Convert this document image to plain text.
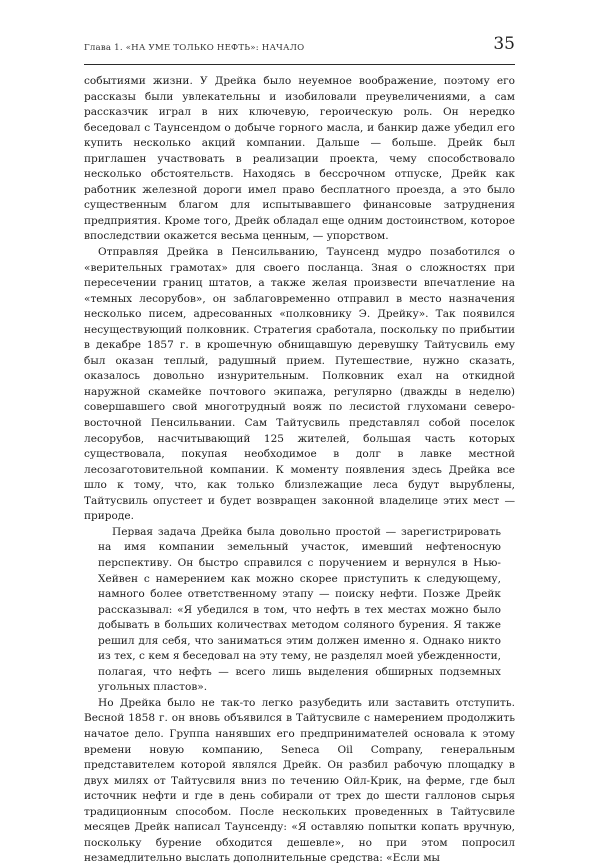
Глава 1. «НА УМЕ ТОЛЬКО НЕФТЬ»: НАЧАЛО	35

событиями жизни. У Дрейка было неуемное воображение, поэтому его рассказы были увлекательны и изобиловали преувеличениями, а сам рассказчик играл в них ключевую, героическую роль. Он нередко беседовал с Таунсендом о добыче горного масла, и банкир даже убедил его купить несколько акций компании. Дальше — больше. Дрейк был приглашен участвовать в реализации проекта, чему способствовало несколько обстоятельств. Находясь в бессрочном отпуске, Дрейк как работник железной дороги имел право бесплатного проезда, а это было существенным благом для испытывавшего финансовые затруднения предприятия. Кроме того, Дрейк обладал еще одним достоинством, которое впоследствии окажется весьма ценным, — упорством.

Отправляя Дрейка в Пенсильванию, Таунсенд мудро позаботился о «верительных грамотах» для своего посланца. Зная о сложностях при пересечении границ штатов, а также желая произвести впечатление на «темных лесорубов», он заблаговременно отправил в место назначения несколько писем, адресованных «полковнику Э. Дрейку». Так появился несуществующий полковник. Стратегия сработала, поскольку по прибытии в декабре 1857 г. в крошечную обнищавшую деревушку Тайтусвиль ему был оказан теплый, радушный прием. Путешествие, нужно сказать, оказалось довольно изнурительным. Полковник ехал на откидной наружной скамейке почтового экипажа, регулярно (дважды в неделю) совершавшего свой многотрудный вояж по лесистой глухомани северо-восточной Пенсильвании. Сам Тайтусвиль представлял собой поселок лесорубов, насчитывающий 125 жителей, большая часть которых существовала, покупая необходимое в долг в лавке местной лесозаготовительной компании. К моменту появления здесь Дрейка все шло к тому, что, как только близлежащие леса будут вырублены, Тайтусвиль опустеет и будет возвращен законной владелице этих мест — природе.

Первая задача Дрейка была довольно простой — зарегистрировать на имя компании земельный участок, имевший нефтеносную перспективу. Он быстро справился с поручением и вернулся в Нью-Хейвен с намерением как можно скорее приступить к следующему, намного более ответственному этапу — поиску нефти. Позже Дрейк рассказывал: «Я убедился в том, что нефть в тех местах можно было добывать в больших количествах методом соляного бурения. Я также решил для себя, что заниматься этим должен именно я. Однако никто из тех, с кем я беседовал на эту тему, не разделял моей убежденности, полагая, что нефть — всего лишь выделения обширных подземных угольных пластов».

Но Дрейка было не так-то легко разубедить или заставить отступить. Весной 1858 г. он вновь объявился в Тайтусвиле с намерением продолжить начатое дело. Группа нанявших его предпринимателей основала к этому времени новую компанию, Seneca Oil Company, генеральным представителем которой являлся Дрейк. Он разбил рабочую площадку в двух милях от Тайтусвиля вниз по течению Ойл-Крик, на ферме, где был источник нефти и где в день собирали от трех до шести галлонов сырья традиционным способом. После нескольких проведенных в Тайтусвиле месяцев Дрейк написал Таунсенду: «Я оставляю попытки копать вручную, поскольку бурение обходится дешевле», но при этом попросил незамедлительно выслать дополнительные средства: «Если мы
